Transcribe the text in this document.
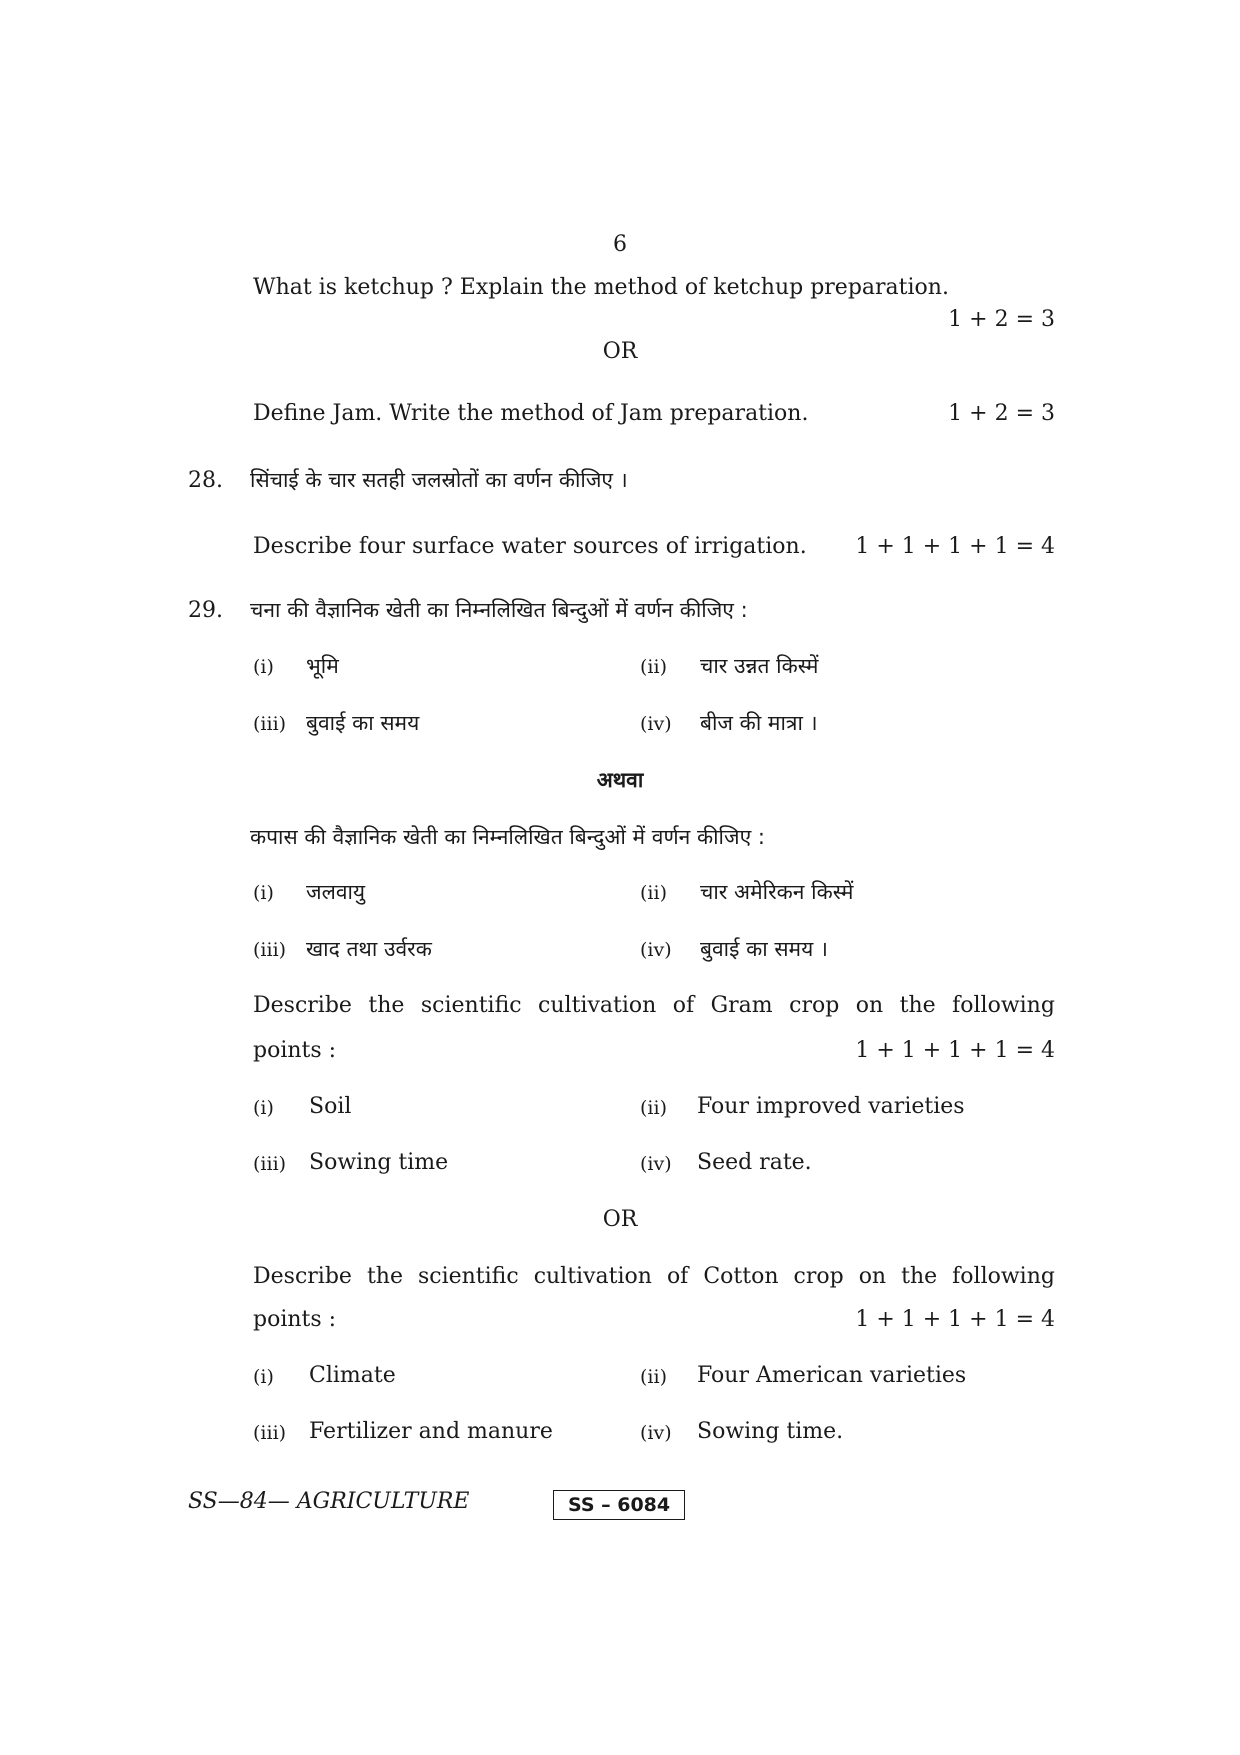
6
What is ketchup ? Explain the method of ketchup preparation.
1 + 2 = 3
OR
Define Jam. Write the method of Jam preparation.	1 + 2 = 3
28. सिंचाई के चार सतही जलस्रोतों का वर्णन कीजिए ।
Describe four surface water sources of irrigation.	1 + 1 + 1 + 1 = 4
29. चना की वैज्ञानिक खेती का निम्नलिखित बिन्दुओं में वर्णन कीजिए :
(i) भूमि	(ii) चार उन्नत किस्में
(iii) बुवाई का समय	(iv) बीज की मात्रा ।
अथवा
कपास की वैज्ञानिक खेती का निम्नलिखित बिन्दुओं में वर्णन कीजिए :
(i) जलवायु	(ii) चार अमेरिकन किस्में
(iii) खाद तथा उर्वरक	(iv) बुवाई का समय ।
Describe the scientific cultivation of Gram crop on the following
points :	1 + 1 + 1 + 1 = 4
(i) Soil	(ii) Four improved varieties
(iii) Sowing time	(iv) Seed rate.
OR
Describe the scientific cultivation of Cotton crop on the following
points :	1 + 1 + 1 + 1 = 4
(i) Climate	(ii) Four American varieties
(iii) Fertilizer and manure	(iv) Sowing time.
SS—84— AGRICULTURE	SS – 6084
